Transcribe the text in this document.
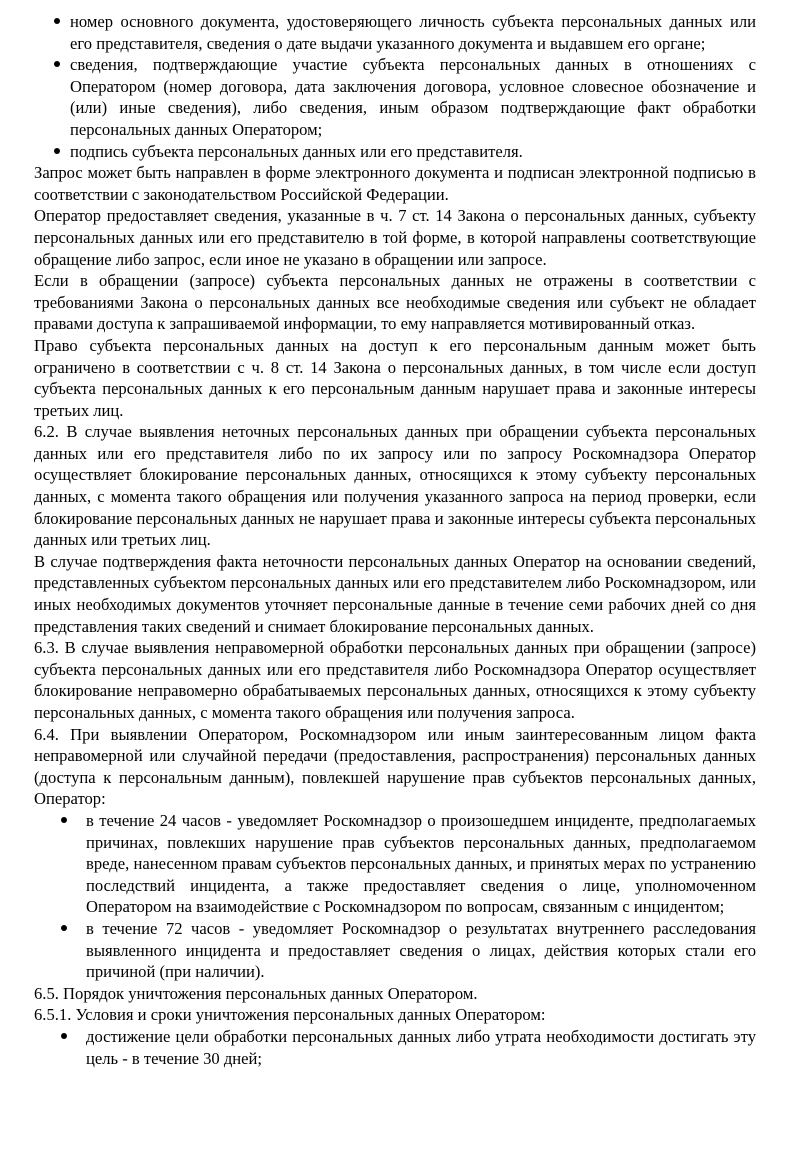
номер основного документа, удостоверяющего личность субъекта персональных данных или его представителя, сведения о дате выдачи указанного документа и выдавшем его органе;
сведения, подтверждающие участие субъекта персональных данных в отношениях с Оператором (номер договора, дата заключения договора, условное словесное обозначение и (или) иные сведения), либо сведения, иным образом подтверждающие факт обработки персональных данных Оператором;
подпись субъекта персональных данных или его представителя.

Запрос может быть направлен в форме электронного документа и подписан электронной подписью в соответствии с законодательством Российской Федерации.

Оператор предоставляет сведения, указанные в ч. 7 ст. 14 Закона о персональных данных, субъекту персональных данных или его представителю в той форме, в которой направлены соответствующие обращение либо запрос, если иное не указано в обращении или запросе.

Если в обращении (запросе) субъекта персональных данных не отражены в соответствии с требованиями Закона о персональных данных все необходимые сведения или субъект не обладает правами доступа к запрашиваемой информации, то ему направляется мотивированный отказ.

Право субъекта персональных данных на доступ к его персональным данным может быть ограничено в соответствии с ч. 8 ст. 14 Закона о персональных данных, в том числе если доступ субъекта персональных данных к его персональным данным нарушает права и законные интересы третьих лиц.

6.2. В случае выявления неточных персональных данных при обращении субъекта персональных данных или его представителя либо по их запросу или по запросу Роскомнадзора Оператор осуществляет блокирование персональных данных, относящихся к этому субъекту персональных данных, с момента такого обращения или получения указанного запроса на период проверки, если блокирование персональных данных не нарушает права и законные интересы субъекта персональных данных или третьих лиц.

В случае подтверждения факта неточности персональных данных Оператор на основании сведений, представленных субъектом персональных данных или его представителем либо Роскомнадзором, или иных необходимых документов уточняет персональные данные в течение семи рабочих дней со дня представления таких сведений и снимает блокирование персональных данных.

6.3. В случае выявления неправомерной обработки персональных данных при обращении (запросе) субъекта персональных данных или его представителя либо Роскомнадзора Оператор осуществляет блокирование неправомерно обрабатываемых персональных данных, относящихся к этому субъекту персональных данных, с момента такого обращения или получения запроса.

6.4. При выявлении Оператором, Роскомнадзором или иным заинтересованным лицом факта неправомерной или случайной передачи (предоставления, распространения) персональных данных (доступа к персональным данным), повлекшей нарушение прав субъектов персональных данных, Оператор:

в течение 24 часов - уведомляет Роскомнадзор о произошедшем инциденте, предполагаемых причинах, повлекших нарушение прав субъектов персональных данных, предполагаемом вреде, нанесенном правам субъектов персональных данных, и принятых мерах по устранению последствий инцидента, а также предоставляет сведения о лице, уполномоченном Оператором на взаимодействие с Роскомнадзором по вопросам, связанным с инцидентом;
в течение 72 часов - уведомляет Роскомнадзор о результатах внутреннего расследования выявленного инцидента и предоставляет сведения о лицах, действия которых стали его причиной (при наличии).

6.5. Порядок уничтожения персональных данных Оператором.

6.5.1. Условия и сроки уничтожения персональных данных Оператором:

достижение цели обработки персональных данных либо утрата необходимости достигать эту цель - в течение 30 дней;
